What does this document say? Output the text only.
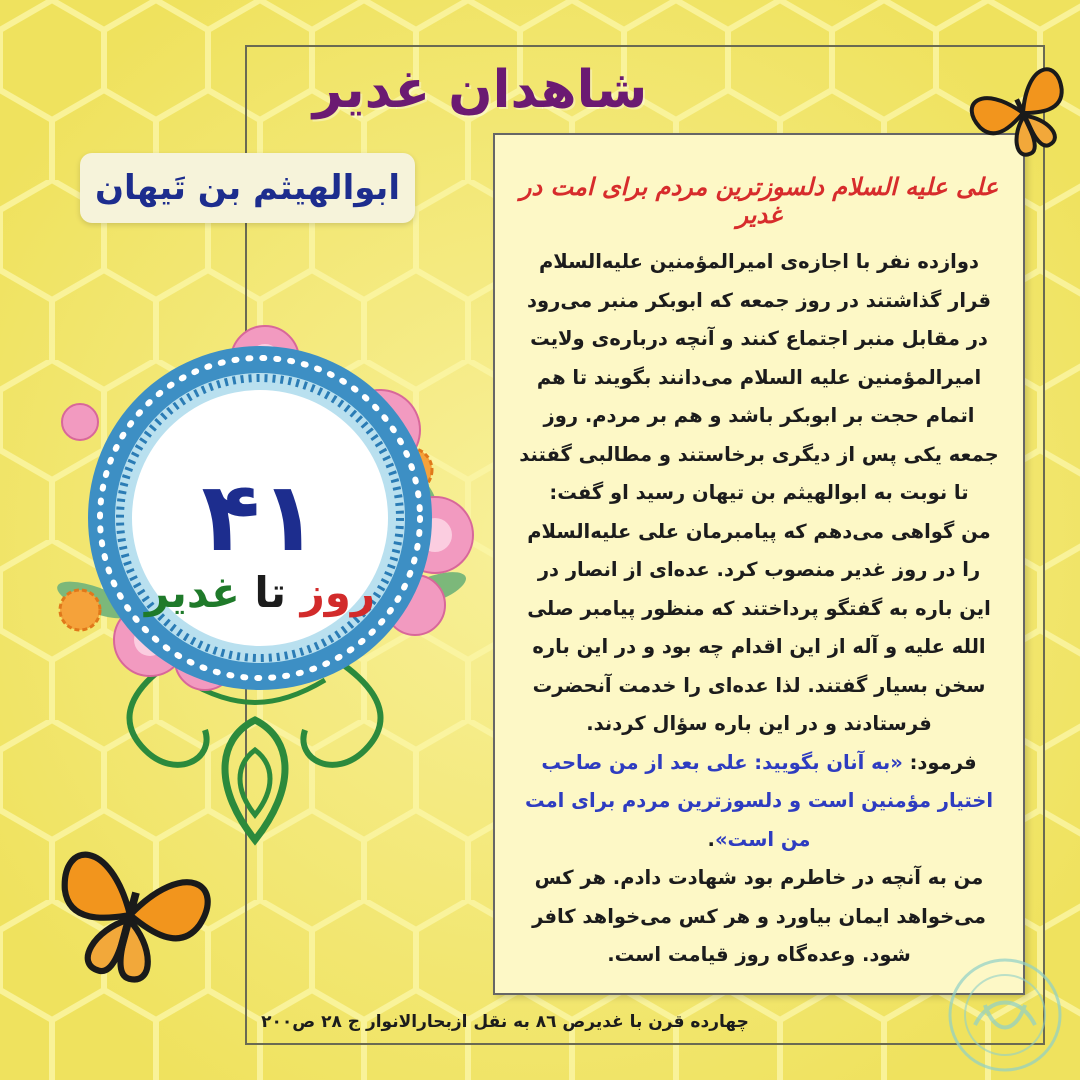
شاهدان غدیر
ابوالهیثم بن تَیهان
۴۱
روز تا غدیر
علی علیه السلام دلسوزترین مردم برای امت در غدیر

دوازده نفر با اجازه‌ی امیرالمؤمنین علیه‌السلام قرار گذاشتند در روز جمعه که ابوبکر منبر می‌رود در مقابل منبر اجتماع کنند و آنچه درباره‌ی ولایت امیرالمؤمنین علیه السلام می‌دانند بگویند تا هم اتمام حجت بر ابوبکر باشد و هم بر مردم. روز جمعه یکی پس از دیگری برخاستند و مطالبی گفتند تا نوبت به ابوالهیثم بن تیهان رسید او گفت:

من گواهی می‌دهم که پیامبرمان علی علیه‌السلام را در روز غدیر منصوب کرد. عده‌ای از انصار در این باره به گفتگو پرداختند که منظور پیامبر صلی الله علیه و آله از این اقدام چه بود و در این باره سخن بسیار گفتند. لذا عده‌ای را خدمت آنحضرت فرستادند و در این باره سؤال کردند.

فرمود: «به آنان بگویید: علی بعد از من صاحب اختیار مؤمنین است و دلسوزترین مردم برای امت من است».

من به آنچه در خاطرم بود شهادت دادم. هر کس می‌خواهد ایمان بیاورد و هر کس می‌خواهد کافر شود. وعده‌گاه روز قیامت است.

چهارده قرن با غدیرص ۸٦ به نقل ازبحارالانوار ج ۲۸ ص۲۰۰
